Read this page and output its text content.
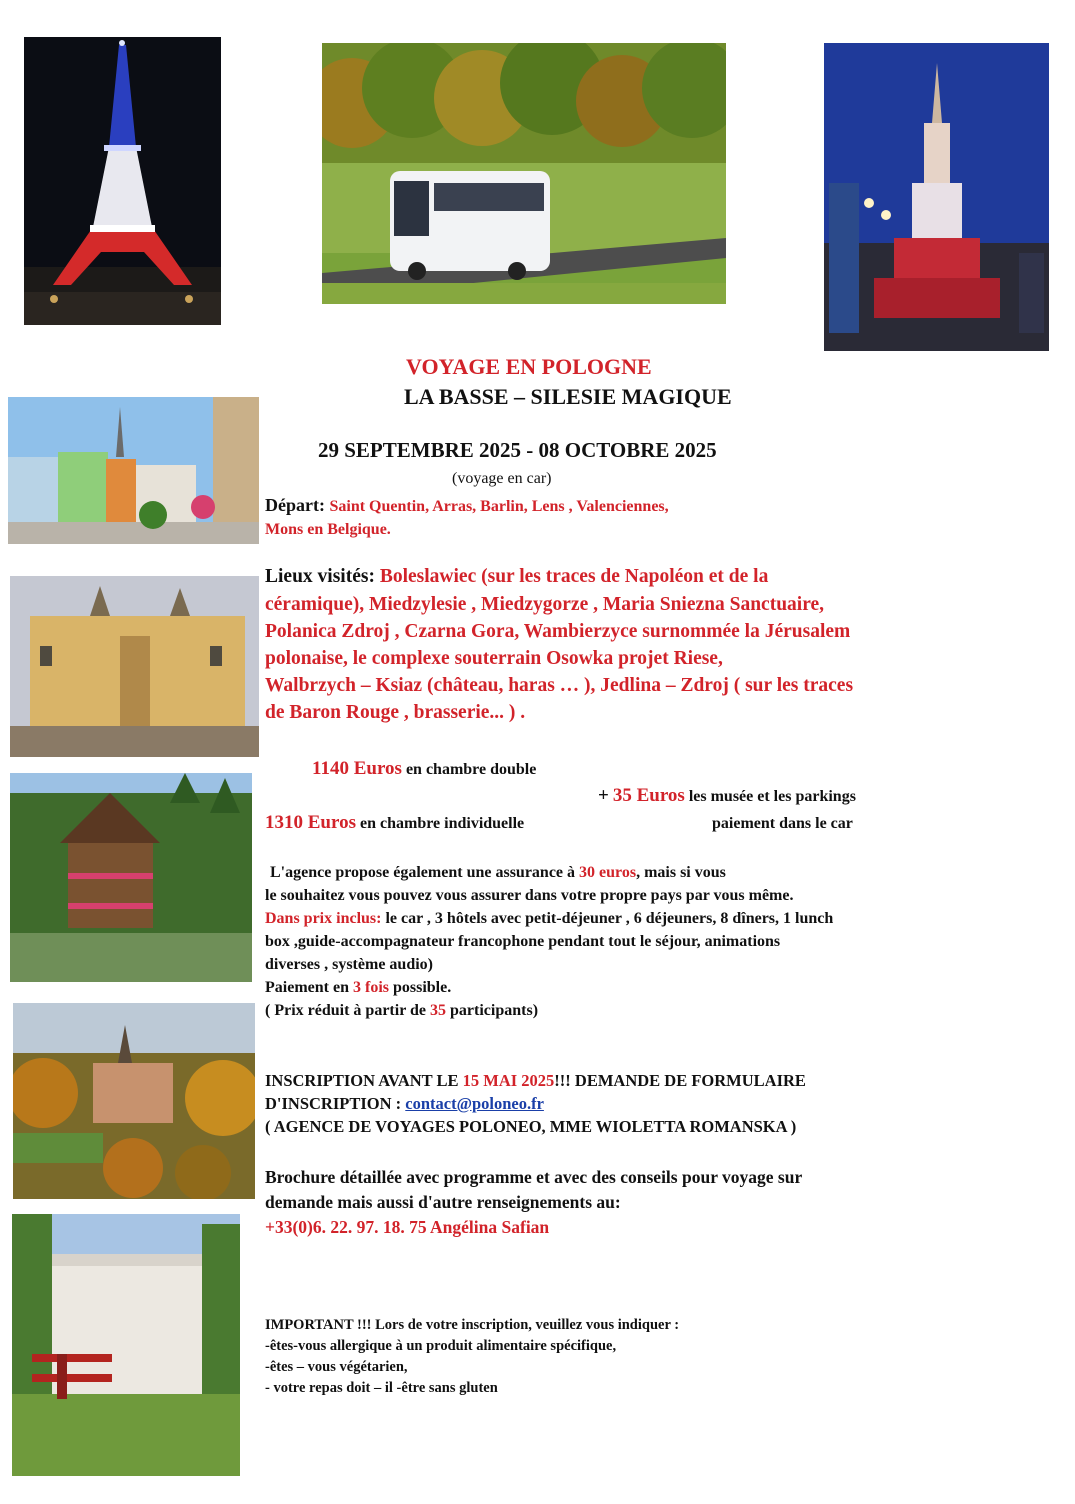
VOYAGE EN POLOGNE
LA BASSE – SILESIE MAGIQUE
29 SEPTEMBRE 2025 - 08 OCTOBRE 2025
(voyage en car)
Départ: Saint Quentin, Arras, Barlin, Lens , Valenciennes,
Mons en Belgique.
Lieux visités: Boleslawiec (sur les traces de Napoléon et de la
céramique), Miedzylesie , Miedzygorze , Maria Sniezna Sanctuaire,
Polanica Zdroj , Czarna Gora, Wambierzyce surnommée la Jérusalem
polonaise, le complexe souterrain Osowka projet Riese,
Walbrzych – Ksiaz (château, haras … ), Jedlina – Zdroj ( sur les traces
de Baron Rouge , brasserie... ) .
1140 Euros en chambre double
+ 35 Euros les musée et les parkings
1310 Euros en chambre individuelle	paiement dans le car
L'agence propose également une assurance à 30 euros, mais si vous
le souhaitez vous pouvez vous assurer dans votre propre pays par vous même.
Dans prix inclus: le car , 3 hôtels avec petit-déjeuner , 6 déjeuners, 8 dîners, 1 lunch
box ,guide-accompagnateur francophone pendant tout le séjour, animations
diverses , système audio)
Paiement en 3 fois possible.
( Prix réduit à partir de 35 participants)
INSCRIPTION AVANT LE 15 MAI 2025!!! DEMANDE DE FORMULAIRE
D'INSCRIPTION : contact@poloneo.fr
( AGENCE DE VOYAGES POLONEO, MME WIOLETTA ROMANSKA )
Brochure détaillée avec programme et avec des conseils pour voyage sur
demande mais aussi d'autre renseignements au:
+33(0)6. 22. 97. 18. 75 Angélina Safian
IMPORTANT !!! Lors de votre inscription, veuillez vous indiquer :
-êtes-vous allergique à un produit alimentaire spécifique,
-êtes – vous végétarien,
- votre repas doit – il -être sans gluten
